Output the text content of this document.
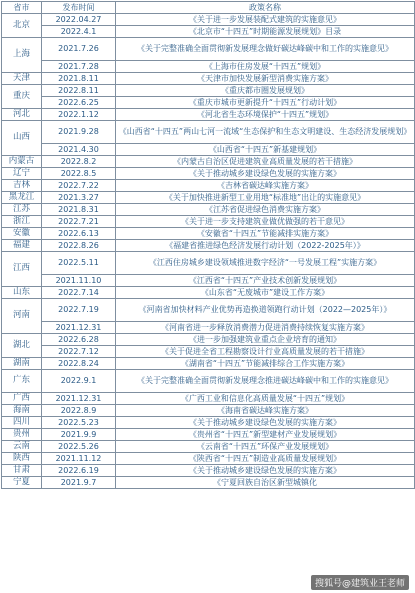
省市	发布时间	政策名称
北京	2022.04.27	《关于进一步发展装配式建筑的实施意见》
	2022.4.1	《北京市“十四五”时期能源发展规划》目录
上海	2021.7.26	《关于完整准确全面贯彻新发展理念做好碳达峰碳中和工作的实施意见》
	2021.7.28	《上海市住房发展“十四五”规划》
天津	2021.8.11	《天津市加快发展新型消费实施方案》
重庆	2022.8.11	《重庆都市圈发展规划》
	2022.6.25	《重庆市城市更新提升“十四五”行动计划》
河北	2022.1.12	《河北省生态环境保护“十四五”规划》
山西	2021.9.28	《山西省“十四五”两山七河一流域“生态保护和生态文明建设、生态经济发展规划》
	2021.4.30	《山西省“十四五”新基建规划》
内蒙古	2022.8.2	《内蒙古自治区促进建筑业高质量发展的若干措施》
辽宁	2022.8.5	《关于推动城乡建设绿色发展的实施方案》
吉林	2022.7.22	《吉林省碳达峰实施方案》
黑龙江	2021.3.27	《关于加快推进新型工业用地“标准地”出让的实施意见》
江苏	2021.8.31	《江苏省促进绿色消费实施方案》
浙江	2022.7.21	《关于进一步支持建筑业做优做强的若干意见》
安徽	2022.6.13	《安徽省“十四五”节能减排实施方案》
福建	2022.8.26	《福建省推进绿色经济发展行动计划（2022-2025年）》
江西	2022.5.11	《江西住房城乡建设领域推进数字经济“一号发展工程”实施方案》
	2021.11.10	《江西省“十四五”产业技术创新发展规划》
山东	2022.7.14	《山东省“无废城市”建设工作方案》
河南	2022.7.19	《河南省加快材料产业优势再造换道领跑行动计划（2022—2025年）》
	2021.12.31	《河南省进一步释放消费潜力促进消费持续恢复实施方案》
湖北	2022.6.28	《进一步加强建筑业重点企业培育的通知》
	2022.7.12	《关于促进全省工程勘察设计行业高质量发展的若干措施》
湖南	2022.8.24	《湖南省“十四五”节能减排综合工作实施方案》
广东	2022.9.1	《关于完整准确全面贯彻新发展理念推进碳达峰碳中和工作的实施意见》
广西	2021.12.31	《广西工业和信息化高质量发展“十四五”规划》
海南	2022.8.9	《海南省碳达峰实施方案》
四川	2022.5.23	《关于推动城乡建设绿色发展的实施方案》
贵州	2021.9.9	《贵州省“十四五”新型建材产业发展规划》
云南	2022.5.26	《云南省“十四五”环保产业发展规划》
陕西	2021.11.12	《陕西省“十四五”制造业高质量发展规划》
甘肃	2022.6.19	《关于推动城乡建设绿色发展的实施方案》
宁夏	2021.9.7	《宁夏回族自治区新型城镇化
搜狐号@建筑业王老师
